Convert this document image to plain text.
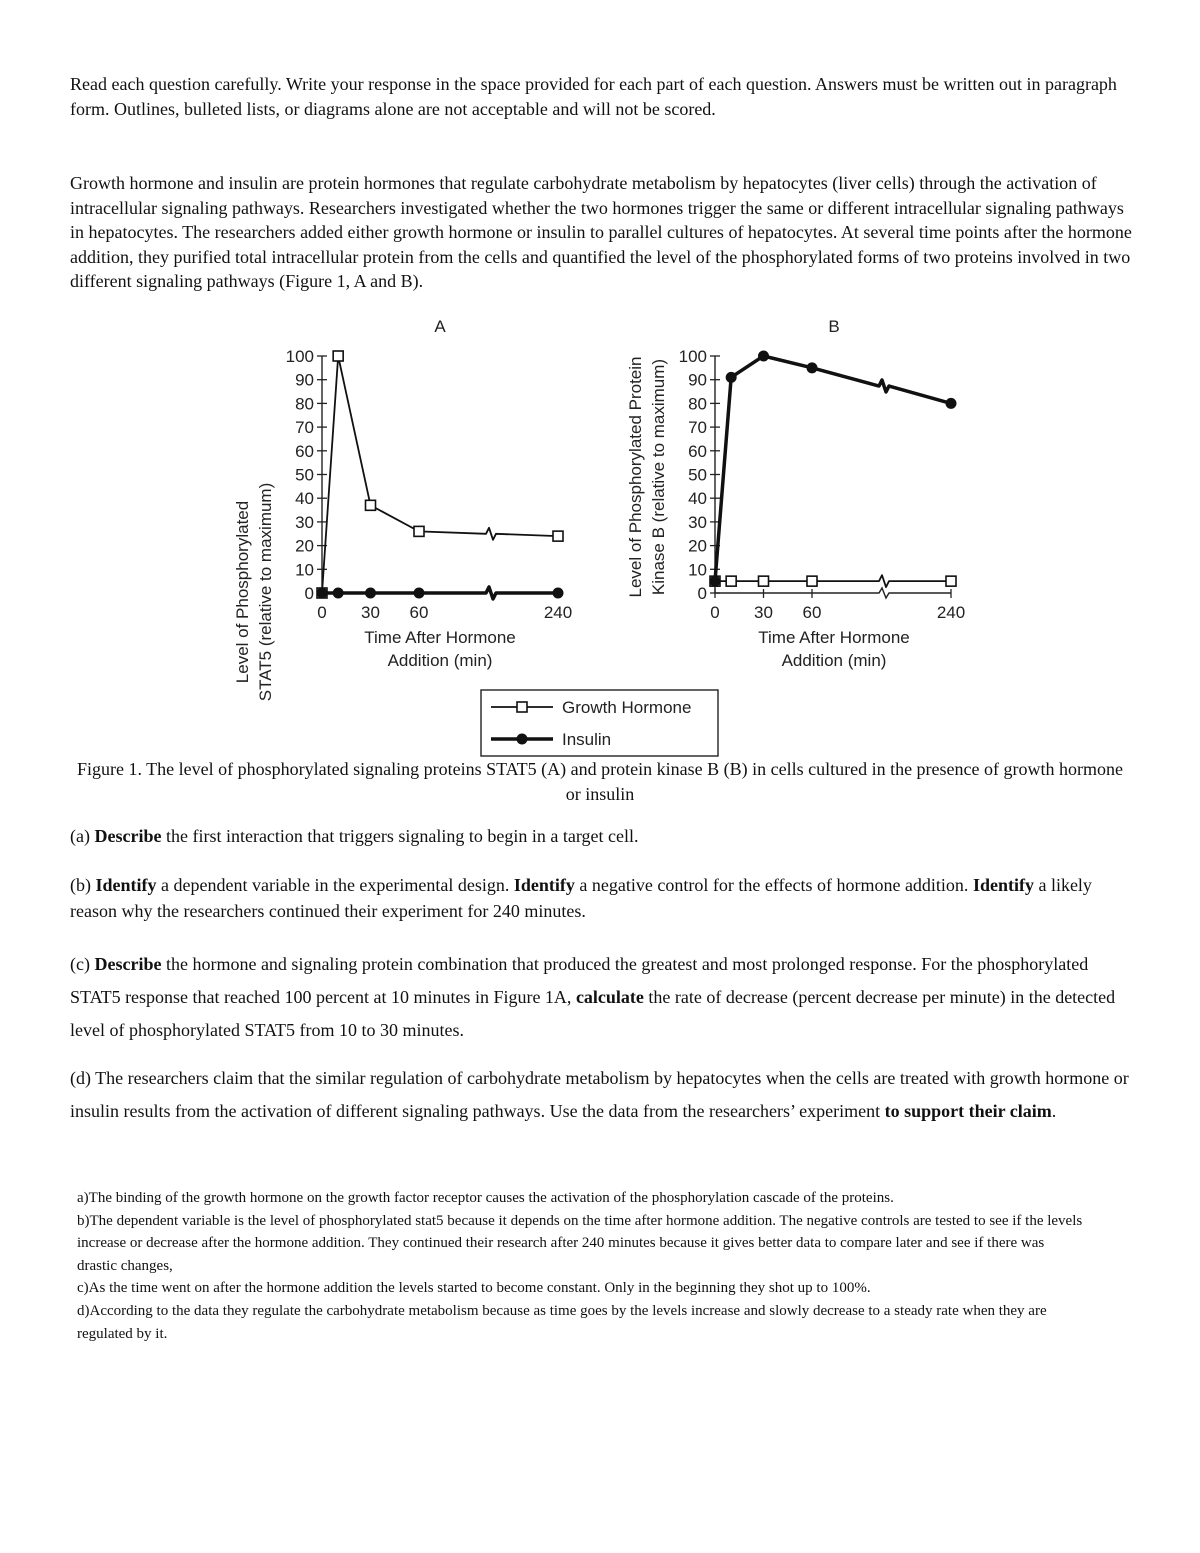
Read each question carefully. Write your response in the space provided for each part of each question. Answers must be written out in paragraph form. Outlines, bulleted lists, or diagrams alone are not acceptable and will not be scored.

Growth hormone and insulin are protein hormones that regulate carbohydrate metabolism by hepatocytes (liver cells) through the activation of intracellular signaling pathways. Researchers investigated whether the two hormones trigger the same or different intracellular signaling pathways in hepatocytes. The researchers added either growth hormone or insulin to parallel cultures of hepatocytes. At several time points after the hormone addition, they purified total intracellular protein from the cells and quantified the level of the phosphorylated forms of two proteins involved in two different signaling pathways (Figure 1, A and B).

A
Level of Phosphorylated STAT5 (relative to maximum) 0
10
20
30
40
50
60
70
80
90
100
0 30 60	240
Time After Hormone
Addition (min)
B
Level of Phosphorylated Protein Kinase B (relative to maximum) 0
10
20
30
40
50
60
70
80
90
100
0 30 60	240
Time After Hormone
Addition (min)
Growth Hormone
Insulin
Figure 1. The level of phosphorylated signaling proteins STAT5 (A) and protein kinase B (B) in cells cultured in the presence of growth hormone or insulin

(a) Describe the first interaction that triggers signaling to begin in a target cell.

(b) Identify a dependent variable in the experimental design. Identify a negative control for the effects of hormone addition. Identify a likely reason why the researchers continued their experiment for 240 minutes.

(c) Describe the hormone and signaling protein combination that produced the greatest and most prolonged response. For the phosphorylated STAT5 response that reached 100 percent at 10 minutes in Figure 1A, calculate the rate of decrease (percent decrease per minute) in the detected level of phosphorylated STAT5 from 10 to 30 minutes.

(d) The researchers claim that the similar regulation of carbohydrate metabolism by hepatocytes when the cells are treated with growth hormone or insulin results from the activation of different signaling pathways. Use the data from the researchers’ experiment to support their claim.

a)The binding of the growth hormone on the growth factor receptor causes the activation of the phosphorylation cascade of the proteins.

b)The dependent variable is the level of phosphorylated stat5 because it depends on the time after hormone addition. The negative controls are tested to see if the levels increase or decrease after the hormone addition. They continued their research after 240 minutes because it gives better data to compare later and see if there was drastic changes,

c)As the time went on after the hormone addition the levels started to become constant. Only in the beginning they shot up to 100%.

d)According to the data they regulate the carbohydrate metabolism because as time goes by the levels increase and slowly decrease to a steady rate when they are regulated by it.
